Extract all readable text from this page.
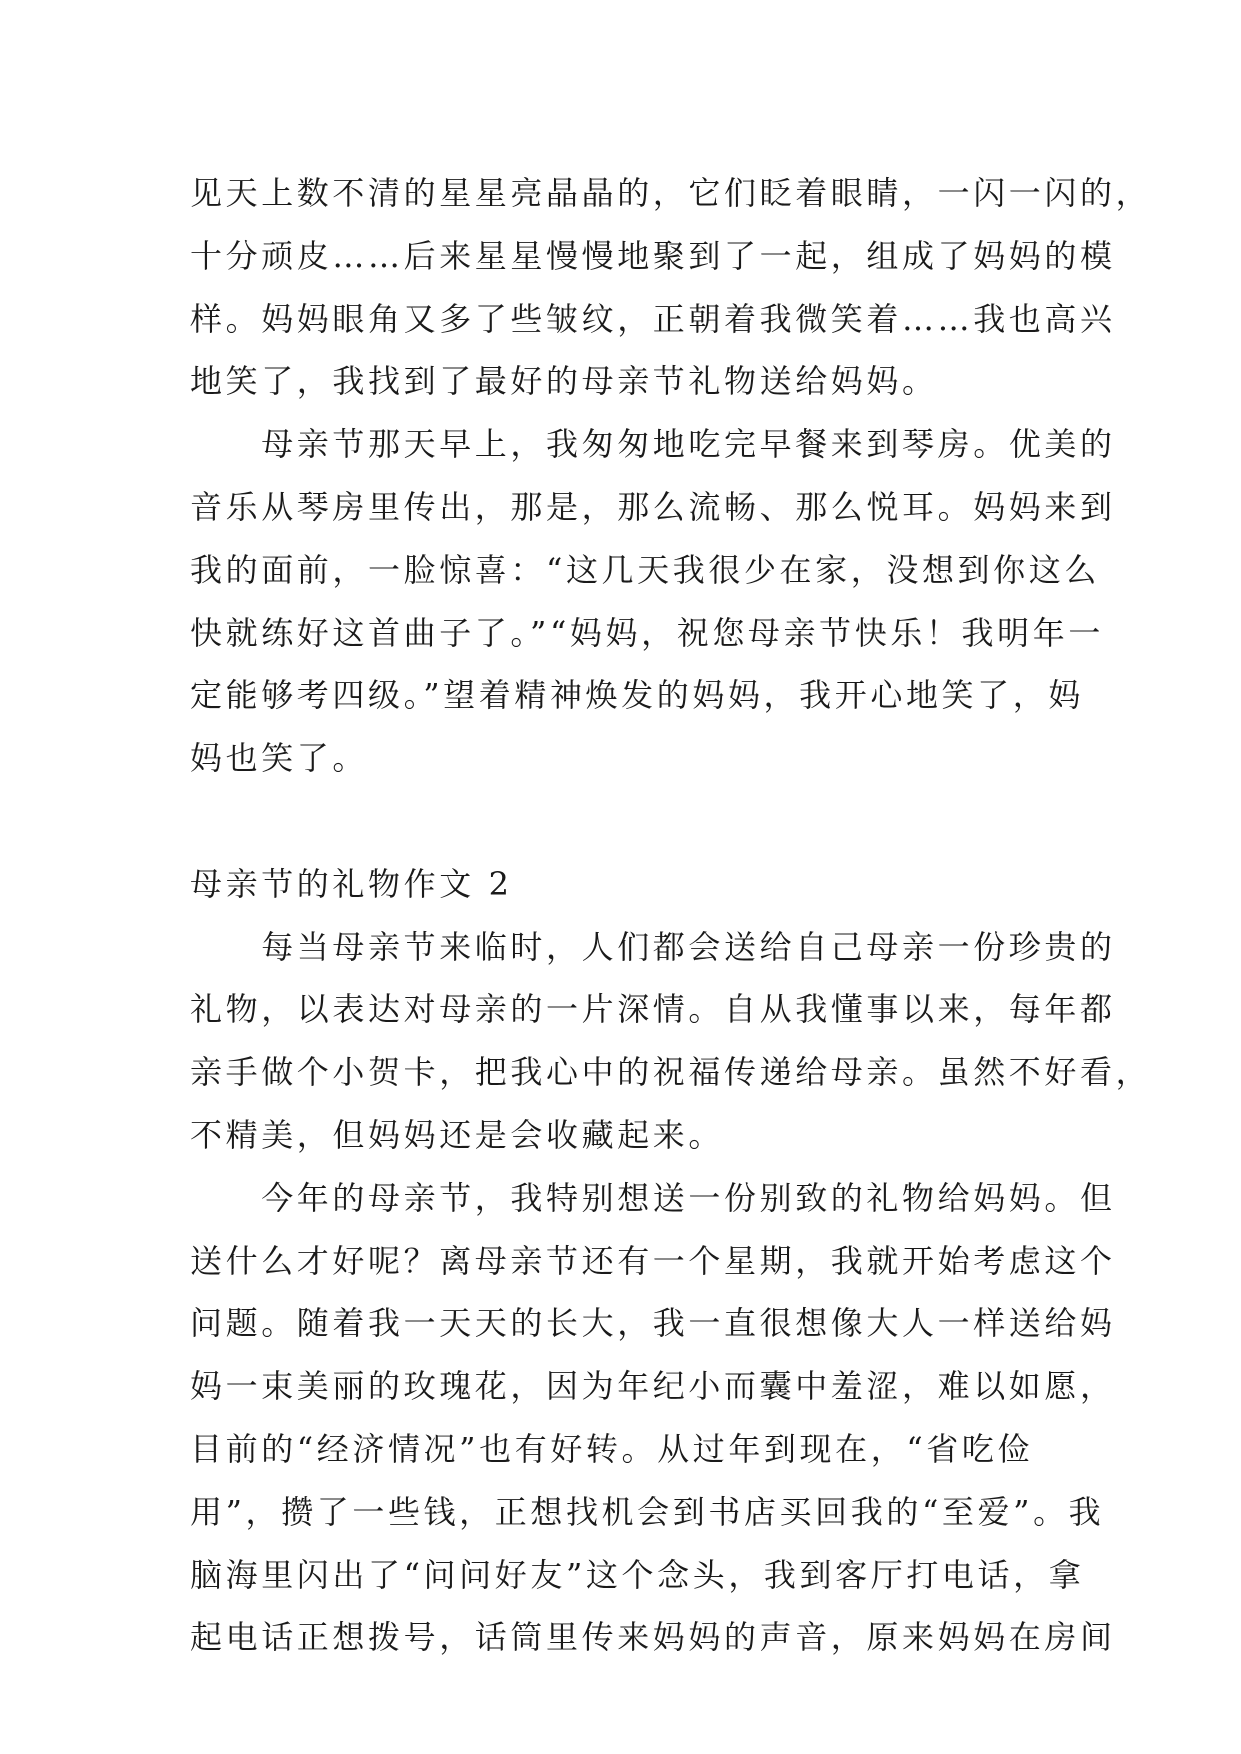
见天上数不清的星星亮晶晶的，它们眨着眼睛，一闪一闪的，
十分顽皮……后来星星慢慢地聚到了一起，组成了妈妈的模
样。妈妈眼角又多了些皱纹，正朝着我微笑着……我也高兴
地笑了，我找到了最好的母亲节礼物送给妈妈。
　　母亲节那天早上，我匆匆地吃完早餐来到琴房。优美的
音乐从琴房里传出，那是，那么流畅、那么悦耳。妈妈来到
我的面前，一脸惊喜：“这几天我很少在家，没想到你这么
快就练好这首曲子了。”“妈妈，祝您母亲节快乐！我明年一
定能够考四级。”望着精神焕发的妈妈，我开心地笑了，妈
妈也笑了。
母亲节的礼物作文 2
　　每当母亲节来临时，人们都会送给自己母亲一份珍贵的
礼物，以表达对母亲的一片深情。自从我懂事以来，每年都
亲手做个小贺卡，把我心中的祝福传递给母亲。虽然不好看，
不精美，但妈妈还是会收藏起来。
　　今年的母亲节，我特别想送一份别致的礼物给妈妈。但
送什么才好呢？离母亲节还有一个星期，我就开始考虑这个
问题。随着我一天天的长大，我一直很想像大人一样送给妈
妈一束美丽的玫瑰花，因为年纪小而囊中羞涩，难以如愿，
目前的“经济情况”也有好转。从过年到现在，“省吃俭
用”，攒了一些钱，正想找机会到书店买回我的“至爱”。我
脑海里闪出了“问问好友”这个念头，我到客厅打电话，拿
起电话正想拨号，话筒里传来妈妈的声音，原来妈妈在房间
